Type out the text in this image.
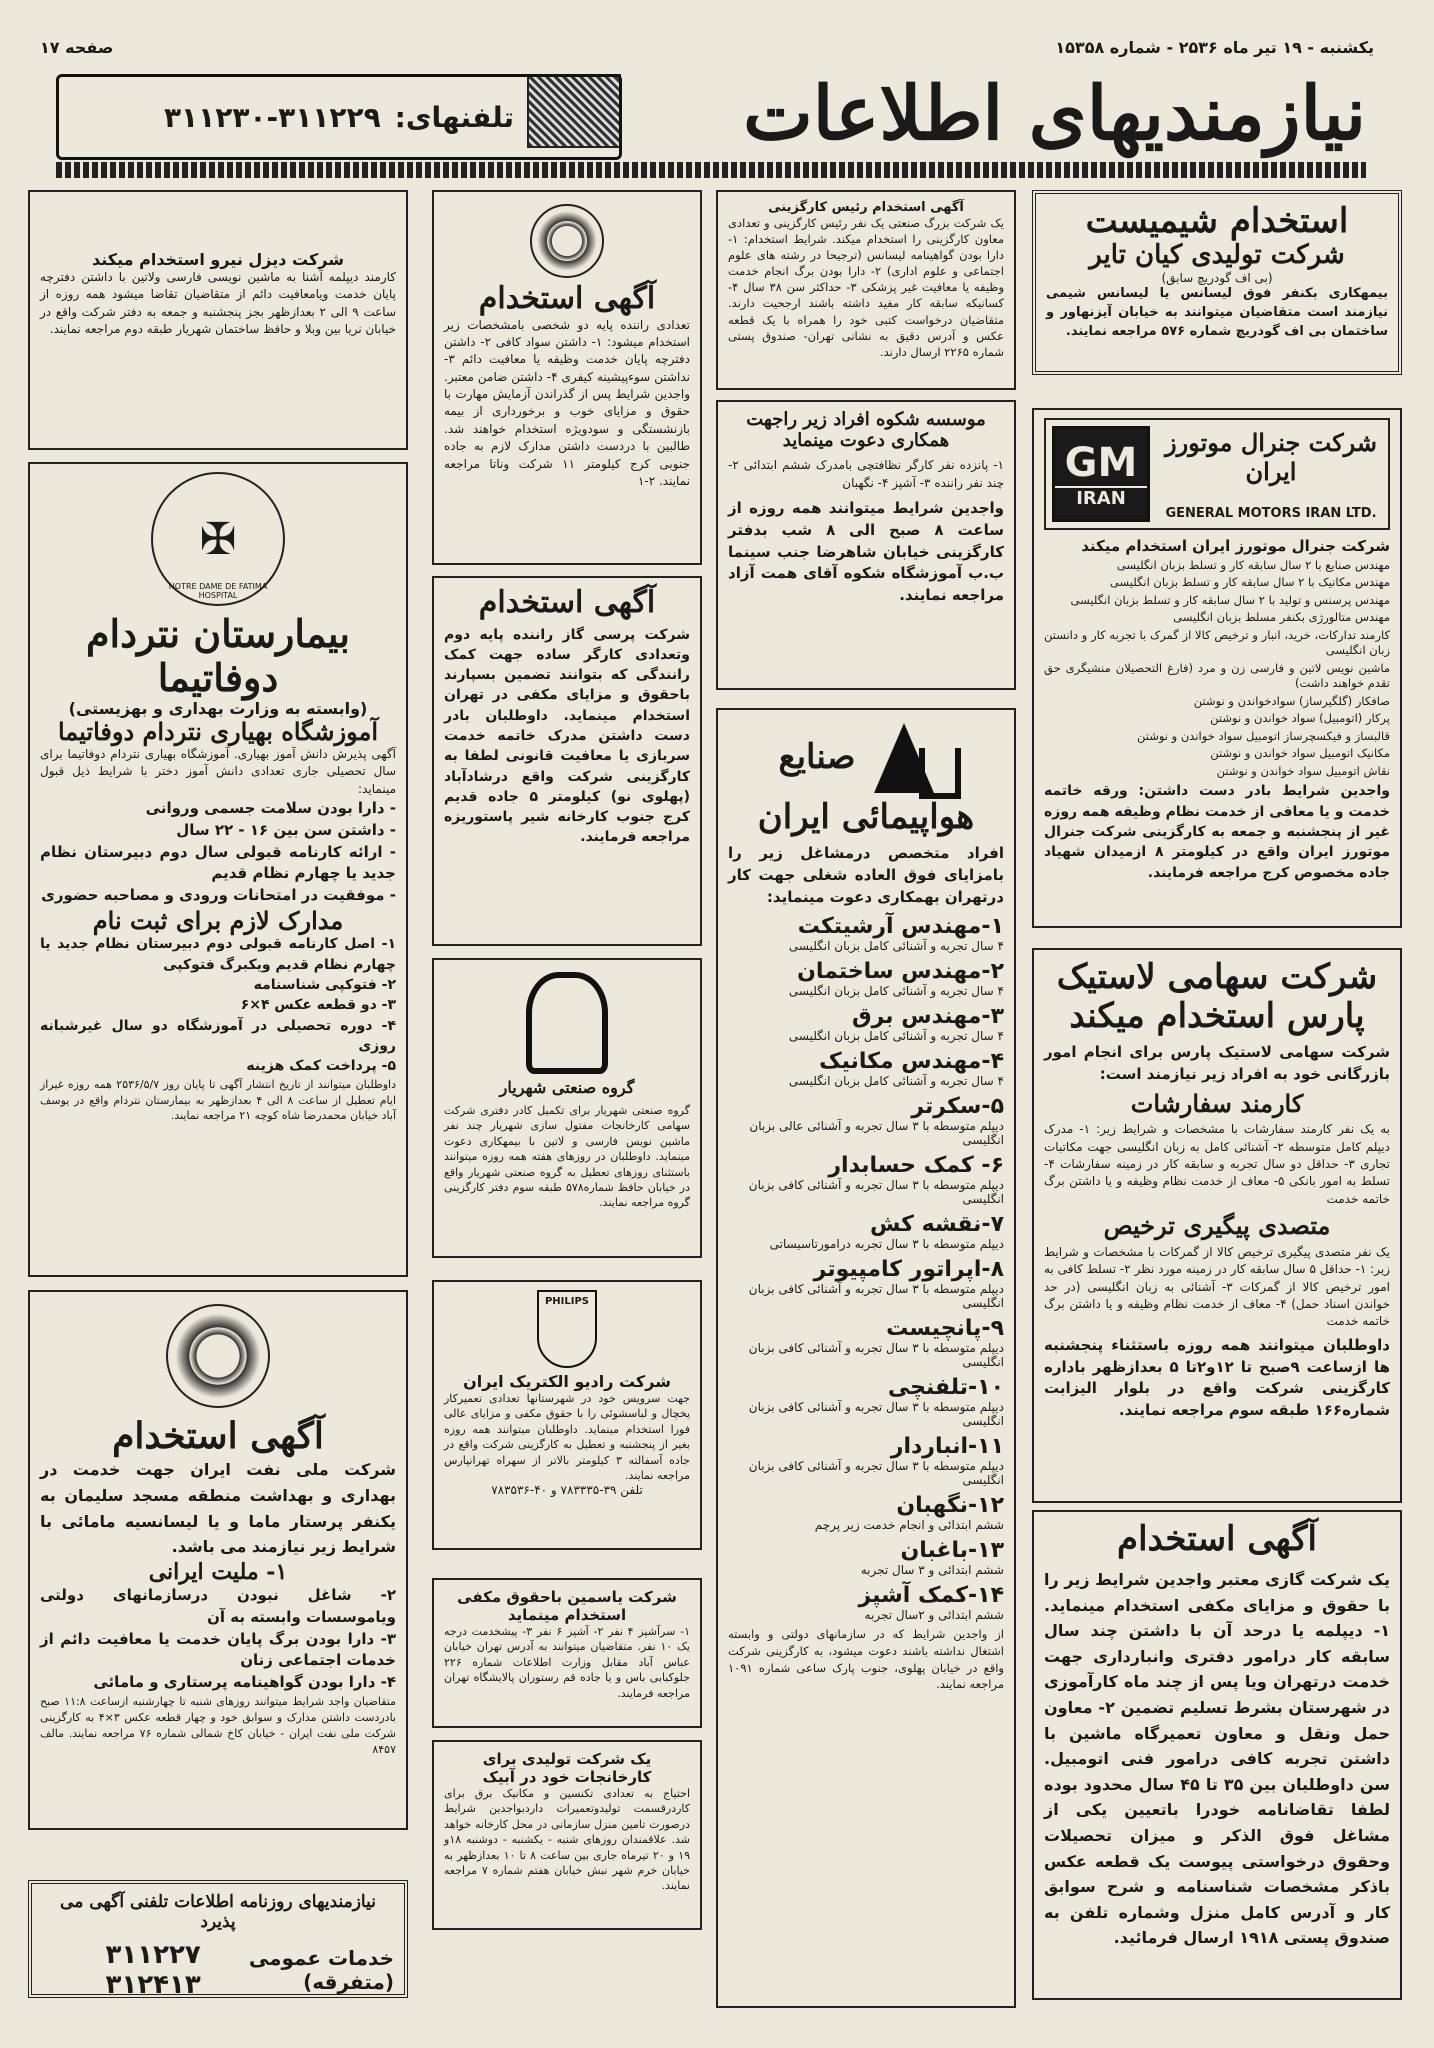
یکشنبه - ۱۹ تیر ماه ۲۵۳۶ - شماره ۱۵۳۵۸
صفحه ۱۷
نیازمندیهای اطلاعات
تلفنهای:
۳۱۱۲۳۰-۳۱۱۲۲۹
استخدام شیمیست
شرکت تولیدی کیان تایر
(بی اف گودریچ سابق)
بیمهکاری بکنفر فوق لیسانس یا لیسانس شیمی نیازمند است متقاضیان میتوانند به خیابان آیزنهاور و ساختمان بی اف گودریچ شماره ۵۷۶ مراجعه نمایند.
شرکت جنرال موتورز ایران
GENERAL MOTORS IRAN LTD.
GM
IRAN
شرکت جنرال موتورز ایران استخدام میکند

مهندس صنایع با ۲ سال سابقه کار و تسلط بزبان انگلیسی

مهندس مکانیک با ۲ سال سابقه کار و تسلط بزبان انگلیسی

مهندس پرسنس و تولید با ۲ سال سابقه کار و تسلط بزبان انگلیسی

مهندس متالورژی بکنفر مسلط بزبان انگلیسی

کارمند تدارکات، خرید، انبار و ترخیص کالا از گمرک با تجربه کار و دانستن زبان انگلیسی

ماشین نویس لاتین و فارسی زن و مرد (فارغ التحصیلان منشیگری حق تقدم خواهند داشت)

صافکار (گلگیرساز) سوادخواندن و نوشتن

پرکار (اتومبیل) سواد خواندن و نوشتن

قالبساز و فیکسچرساز اتومبیل سواد خواندن و نوشتن

مکانیک اتومبیل سواد خواندن و نوشتن

نقاش اتومبیل سواد خواندن و نوشتن

واجدین شرایط بادر دست داشتن: ورقه خاتمه خدمت و یا معافی از خدمت نظام وظیفه همه روزه غیر از پنجشنبه و جمعه به کارگزینی شرکت جنرال موتورز ایران واقع در کیلومتر ۸ ازمیدان شهیاد جاده مخصوص کرج مراجعه فرمایند.
شرکت سهامی لاستیک پارس استخدام میکند
شرکت سهامی لاستیک پارس برای انجام امور بازرگانی خود به افراد زیر نیازمند است:
کارمند سفارشات
به یک نفر کارمند سفارشات با مشخصات و شرایط زیر: ۱- مدرک دیپلم کامل متوسطه ۲- آشنائی کامل به زبان انگلیسی جهت مکاتبات تجاری ۳- حداقل دو سال تجربه و سابقه کار در زمینه سفارشات ۴- تسلط به امور بانکی ۵- معاف از خدمت نظام وظیفه و یا داشتن برگ خاتمه خدمت
متصدی پیگیری ترخیص
یک نفر متصدی پیگیری ترخیص کالا از گمرکات با مشخصات و شرایط زیر: ۱- حداقل ۵ سال سابقه کار در زمینه مورد نظر ۲- تسلط کافی به امور ترخیص کالا از گمرکات ۳- آشنائی به زبان انگلیسی (در حد خواندن اسناد حمل) ۴- معاف از خدمت نظام وظیفه و یا داشتن برگ خاتمه خدمت
داوطلبان میتوانند همه روزه باستثناء پنجشنبه ها ازساعت ۹صبح تا ۱۲و۲تا ۵ بعدازظهر باداره کارگزینی شرکت واقع در بلوار الیزابت شماره۱۶۶ طبقه سوم مراجعه نمایند.
آگهی استخدام
یک شرکت گازی معتبر واجدین شرایط زیر را با حقوق و مزایای مکفی استخدام مینماید. ۱- دیپلمه یا درحد آن با داشتن چند سال سابقه کار درامور دفتری وانبارداری جهت خدمت درتهران ویا پس از چند ماه کارآموزی در شهرستان بشرط تسلیم تضمین ۲- معاون حمل ونقل و معاون تعمیرگاه ماشین با داشتن تجربه کافی درامور فنی اتومبیل. سن داوطلبان بین ۳۵ تا ۴۵ سال محدود بوده لطفا تقاضانامه خودرا باتعیین یکی از مشاغل فوق الذکر و میزان تحصیلات وحقوق درخواستی پیوست یک قطعه عکس باذکر مشخصات شناسنامه و شرح سوابق کار و آدرس کامل منزل وشماره تلفن به صندوق پستی ۱۹۱۸ ارسال فرمائید.
آگهی استخدام رئیس کارگزینی
یک شرکت بزرگ صنعتی یک نفر رئیس کارگزینی و تعدادی معاون کارگزینی را استخدام میکند. شرایط استخدام: ۱- دارا بودن گواهینامه لیسانس (ترجیحا در رشته های علوم اجتماعی و علوم اداری) ۲- دارا بودن برگ انجام خدمت وظیفه یا معافیت غیر پزشکی ۳- حداکثر سن ۳۸ سال ۴- کسانیکه سابقه کار مفید داشته باشند ارجحیت دارند. متقاضیان درخواست کتبی خود را همراه با یک قطعه عکس و آدرس دقیق به نشانی تهران- صندوق پستی شماره ۲۲۶۵ ارسال دارند.
موسسه شکوه افراد زیر راجهت همکاری دعوت مینماید
۱- پانزده نفر کارگر نظافتچی بامدرک ششم ابتدائی ۲- چند نفر راننده ۳- آشپز ۴- نگهبان
واجدین شرایط میتوانند همه روزه از ساعت ۸ صبح الی ۸ شب بدفتر کارگزینی خیابان شاهرضا جنب سینما ب.ب آموزشگاه شکوه آقای همت آزاد مراجعه نمایند.
صنایع
هواپیمائی ایران
افراد متخصص درمشاغل زیر را بامزایای فوق العاده شغلی جهت کار درتهران بهمکاری دعوت مینماید:
۱-مهندس آرشیتکت
۴ سال تجربه و آشنائی کامل بزبان انگلیسی
۲-مهندس ساختمان
۴ سال تجربه و آشنائی کامل بزبان انگلیسی
۳-مهندس برق
۴ سال تجربه و آشنائی کامل بزبان انگلیسی
۴-مهندس مکانیک
۴ سال تجربه و آشنائی کامل بزبان انگلیسی
۵-سکرتر
دیپلم متوسطه با ۳ سال تجربه و آشنائی عالی بزبان انگلیسی
۶- کمک حسابدار
دیپلم متوسطه با ۳ سال تجربه و آشنائی کافی بزبان انگلیسی
۷-نقشه کش
دیپلم متوسطه با ۳ سال تجربه درامورتاسیساتی
۸-اپراتور کامپیوتر
دیپلم متوسطه با ۳ سال تجربه و آشنائی کافی بزبان انگلیسی
۹-پانچیست
دیپلم متوسطه با ۳ سال تجربه و آشنائی کافی بزبان انگلیسی
۱۰-تلفنچی
دیپلم متوسطه با ۳ سال تجربه و آشنائی کافی بزبان انگلیسی
۱۱-انباردار
دیپلم متوسطه با ۳ سال تجربه و آشنائی کافی بزبان انگلیسی
۱۲-نگهبان
ششم ابتدائی و انجام خدمت زیر پرچم
۱۳-باغبان
ششم ابتدائی و ۳ سال تجربه
۱۴-کمک آشپز
ششم ابتدائی و ۲سال تجربه
از واجدین شرایط که در سازمانهای دولتی و وابسته اشتغال نداشته باشند دعوت میشود، به کارگزینی شرکت واقع در خیابان پهلوی، جنوب پارک ساعی شماره ۱۰۹۱ مراجعه نمایند.
آگهی استخدام
تعدادی راننده پایه دو شخصی بامشخصات زیر استخدام میشود: ۱- داشتن سواد کافی ۲- داشتن دفترچه پایان خدمت وظیفه یا معافیت دائم ۳- نداشتن سوءپیشینه کیفری ۴- داشتن ضامن معتبر. واجدین شرایط پس از گذراندن آزمایش مهارت با حقوق و مزایای خوب و برخورداری از بیمه بازنشستگی و سودویژه استخدام خواهند شد. طالبین با دردست داشتن مدارک لازم به جاده جنوبی کرج کیلومتر ۱۱ شرکت وناتا مراجعه نمایند. ۲-۱
آگهی استخدام
شرکت پرسی گاز راننده پایه دوم وتعدادی کارگر ساده جهت کمک رانندگی که بتوانند تضمین بسپارند باحقوق و مزایای مکفی در تهران استخدام مینماید. داوطلبان بادر دست داشتن مدرک خاتمه خدمت سربازی یا معافیت قانونی لطفا به کارگزینی شرکت واقع درشادآباد (پهلوی نو) کیلومتر ۵ جاده قدیم کرج جنوب کارخانه شیر پاستوریزه مراجعه فرمایند.
گروه صنعتی شهریار
گروه صنعتی شهریار برای تکمیل کادر دفتری شرکت سهامی کارخانجات مفتول سازی شهریار چند نفر ماشین نویس فارسی و لاتین با بیمهکاری دعوت مینماید. داوطلبان در روزهای هفته همه روزه میتوانند باستثنای روزهای تعطیل به گروه صنعتی شهریار واقع در خیابان حافظ شماره۵۷۸ طبقه سوم دفتر کارگزینی گروه مراجعه نمایند.
PHILIPS
شرکت رادیو الکتریک ایران
جهت سرویس خود در شهرستانها تعدادی تعمیرکار یخچال و لباسشوئی را با حقوق مکفی و مزایای عالی فورا استخدام مینماید. داوطلبان میتوانند همه روزه بغیر از پنجشنبه و تعطیل به کارگزینی شرکت واقع در جاده آسفالته ۳ کیلومتر بالاتر از سهراه تهرانپارس مراجعه نمایند.
تلفن ۳۹-۷۸۳۳۳۵ و ۴۰-۷۸۳۵۳۶
شرکت یاسمین باحقوق مکفی استخدام مینماید
۱- سرآشپز ۴ نفر ۲- آشپز ۶ نفر ۳- پیشخدمت درجه یک ۱۰ نفر. متقاضیان میتوانند به آدرس تهران خیابان عباس آباد مقابل وزارت اطلاعات شماره ۲۲۶ جلوکبابی باس و یا جاده قم رستوران پالایشگاه تهران مراجعه فرمایند.
یک شرکت تولیدی برای کارخانجات خود در آبیک
احتیاج به تعدادی تکنسین و مکانیک برق برای کاردرقسمت تولیدوتعمیرات داردبواجدین شرایط درصورت تامین منزل سازمانی در محل کارخانه خواهد شد. علاقمندان روزهای شنبه - یکشنبه - دوشنبه ۱۸و ۱۹ و ۲۰ تیرماه جاری بین ساعت ۸ تا ۱۰ بعدازظهر به خیابان خرم شهر نبش خیابان هفتم شماره ۷ مراجعه نمایند.
شرکت دیزل نیرو استخدام میکند
کارمند دیپلمه آشنا به ماشین نویسی فارسی ولاتین با داشتن دفترچه پایان خدمت ویامعافیت دائم از متقاضیان تقاضا میشود همه روزه از ساعت ۹ الی ۲ بعدازظهر بجز پنجشنبه و جمعه به دفتر شرکت واقع در خیابان نریا بین وبلا و حافظ ساختمان شهریار طبقه دوم مراجعه نمایند.
✠
NOTRE DAME DE FATIMA HOSPITAL
بیمارستان نتردام دوفاتیما
(وابسته به وزارت بهداری و بهزیستی)
آموزشگاه بهیاری نتردام دوفاتیما
آگهی پذیرش دانش آموز بهیاری. آموزشگاه بهیاری نتردام دوفاتیما برای سال تحصیلی جاری تعدادی دانش آموز دختر با شرایط ذیل قبول مینماید:

- دارا بودن سلامت جسمی وروانی

- داشتن سن بین ۱۶ - ۲۲ سال

- ارائه کارنامه قبولی سال دوم دبیرستان نظام جدید یا چهارم نظام قدیم

- موفقیت در امتحانات ورودی و مصاحبه حضوری

مدارک لازم برای ثبت نام

۱- اصل کارنامه قبولی دوم دبیرستان نظام جدید یا چهارم نظام قدیم ویکبرگ فتوکپی

۲- فتوکپی شناسنامه

۳- دو قطعه عکس ۴×۶

۴- دوره تحصیلی در آموزشگاه دو سال غیرشبانه روزی

۵- پرداخت کمک هزینه

داوطلبان میتوانند از تاریخ انتشار آگهی تا پایان روز ۲۵۳۶/۵/۷ همه روزه غیراز ایام تعطیل از ساعت ۸ الی ۴ بعدازظهر به بیمارستان نتردام واقع در یوسف آباد خیابان محمدرضا شاه کوچه ۲۱ مراجعه نمایند.
آگهی استخدام
شرکت ملی نفت ایران جهت خدمت در بهداری و بهداشت منطقه مسجد سلیمان به یکنفر پرستار ماما و یا لیسانسیه مامائی با شرایط زیر نیازمند می باشد.
۱- ملیت ایرانی

۲- شاغل نبودن درسازمانهای دولتی ویاموسسات وابسته به آن

۳- دارا بودن برگ پایان خدمت یا معافیت دائم از خدمات اجتماعی زنان

۴- دارا بودن گواهینامه پرستاری و مامائی

متقاضیان واجد شرایط میتوانند روزهای شنبه تا چهارشنبه ازساعت ۱۱:۸ صبح بادردست داشتن مدارک و سوابق خود و چهار قطعه عکس ۳×۴ به کارگزینی شرکت ملی نفت ایران - خیابان کاخ شمالی شماره ۷۶ مراجعه نمایند. مالف ۸۴۵۷
نیازمندیهای روزنامه اطلاعات تلفنی آگهی می پذیرد
خدمات عمومی (متفرقه)
۳۱۱۲۲۷ ۳۱۲۴۱۳
